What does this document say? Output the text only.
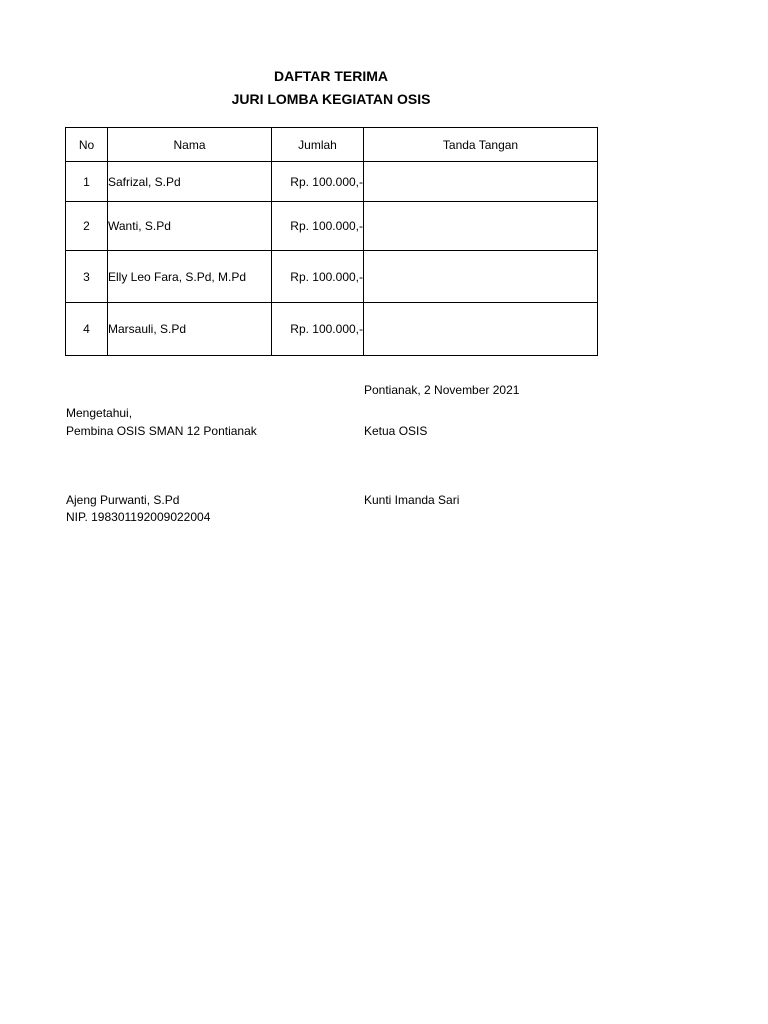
DAFTAR TERIMA
JURI LOMBA KEGIATAN OSIS
No	Nama	Jumlah	Tanda Tangan
1	Safrizal, S.Pd	Rp. 100.000,-	
2	Wanti, S.Pd	Rp. 100.000,-	
3	Elly Leo Fara, S.Pd, M.Pd	Rp. 100.000,-	
4	Marsauli, S.Pd	Rp. 100.000,-	
Pontianak, 2 November 2021
Mengetahui,
Pembina OSIS SMAN 12 Pontianak	Ketua OSIS
Ajeng Purwanti, S.Pd	Kunti Imanda Sari
NIP. 198301192009022004
